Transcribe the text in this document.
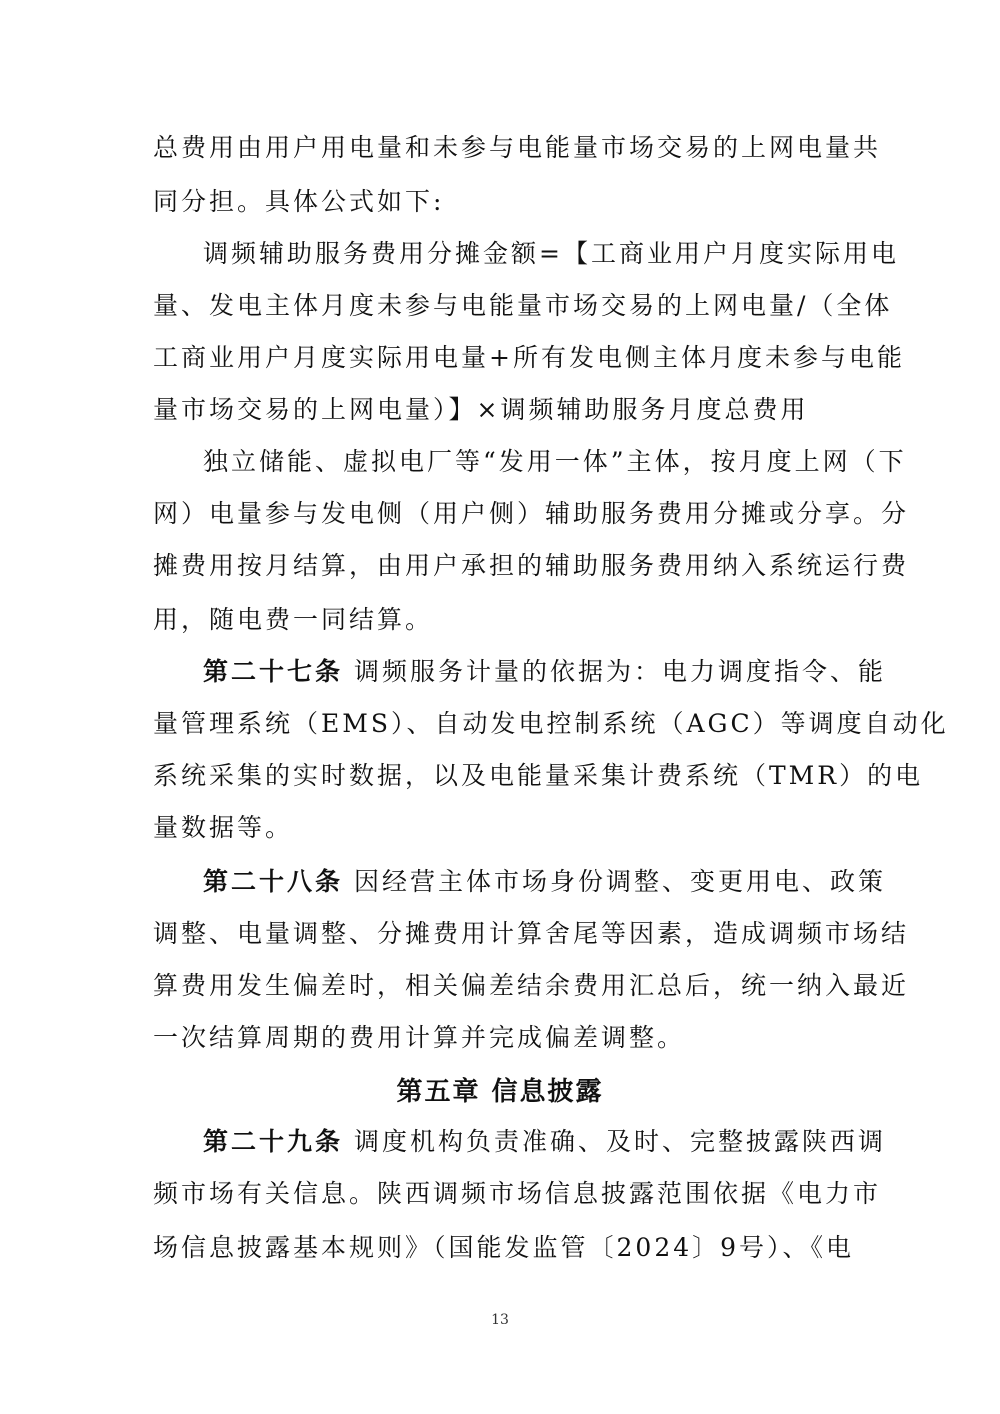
总费用由用户用电量和未参与电能量市场交易的上网电量共
同分担。具体公式如下:
调频辅助服务费用分摊金额=【工商业用户月度实际用电
量、发电主体月度未参与电能量市场交易的上网电量/（全体
工商业用户月度实际用电量+所有发电侧主体月度未参与电能
量市场交易的上网电量）】×调频辅助服务月度总费用
独立储能、虚拟电厂等“发用一体”主体，按月度上网（下
网）电量参与发电侧（用户侧）辅助服务费用分摊或分享。分
摊费用按月结算，由用户承担的辅助服务费用纳入系统运行费
用，随电费一同结算。
第二十七条 调频服务计量的依据为：电力调度指令、能
量管理系统（EMS）、自动发电控制系统（AGC）等调度自动化
系统采集的实时数据，以及电能量采集计费系统（TMR）的电
量数据等。
第二十八条 因经营主体市场身份调整、变更用电、政策
调整、电量调整、分摊费用计算舍尾等因素，造成调频市场结
算费用发生偏差时，相关偏差结余费用汇总后，统一纳入最近
一次结算周期的费用计算并完成偏差调整。
第五章 信息披露
第二十九条 调度机构负责准确、及时、完整披露陕西调
频市场有关信息。陕西调频市场信息披露范围依据《电力市
场信息披露基本规则》（国能发监管〔2024〕9号）、《电
13
